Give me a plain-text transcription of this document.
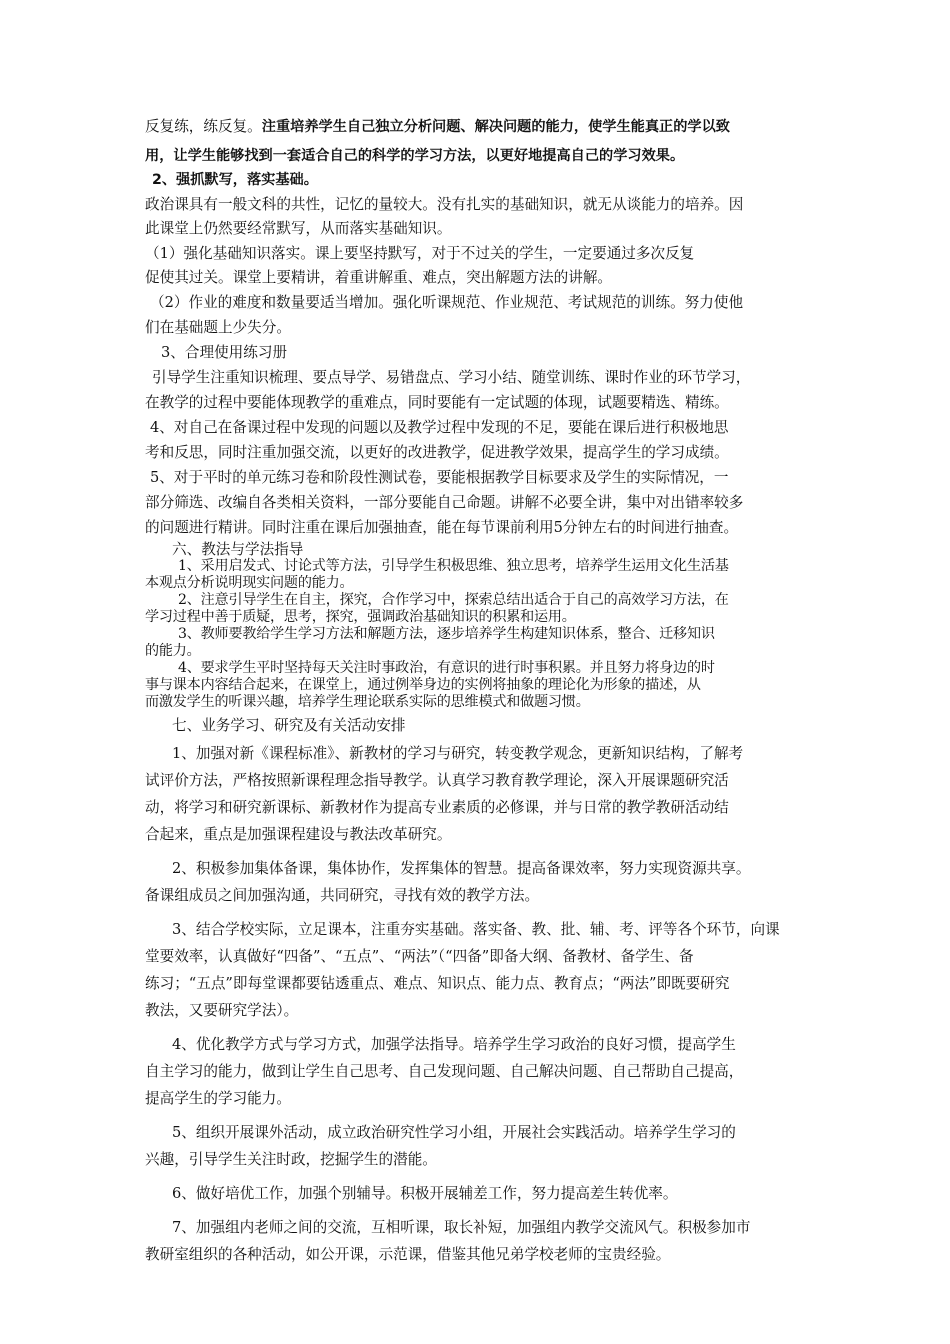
反复练，练反复。注重培养学生自己独立分析问题、解决问题的能力，使学生能真正的学以致
用，让学生能够找到一套适合自己的科学的学习方法，以更好地提高自己的学习效果。
2、强抓默写，落实基础。
政治课具有一般文科的共性，记忆的量较大。没有扎实的基础知识，就无从谈能力的培养。因
此课堂上仍然要经常默写，从而落实基础知识。
（1）强化基础知识落实。课上要坚持默写，对于不过关的学生，一定要通过多次反复
促使其过关。课堂上要精讲，着重讲解重、难点，突出解题方法的讲解。
（2）作业的难度和数量要适当增加。强化听课规范、作业规范、考试规范的训练。努力使他
们在基础题上少失分。
3、合理使用练习册
引导学生注重知识梳理、要点导学、易错盘点、学习小结、随堂训练、课时作业的环节学习，
在教学的过程中要能体现教学的重难点，同时要能有一定试题的体现，试题要精选、精练。
4、对自己在备课过程中发现的问题以及教学过程中发现的不足，要能在课后进行积极地思
考和反思，同时注重加强交流，以更好的改进教学，促进教学效果，提高学生的学习成绩。
5、对于平时的单元练习卷和阶段性测试卷，要能根据教学目标要求及学生的实际情况，一
部分筛选、改编自各类相关资料，一部分要能自己命题。讲解不必要全讲，集中对出错率较多
的问题进行精讲。同时注重在课后加强抽查，能在每节课前利用5分钟左右的时间进行抽查。
六、教法与学法指导
1、采用启发式、讨论式等方法，引导学生积极思维、独立思考，培养学生运用文化生活基
本观点分析说明现实问题的能力。
2、注意引导学生在自主，探究，合作学习中，探索总结出适合于自己的高效学习方法，在
学习过程中善于质疑，思考，探究，强调政治基础知识的积累和运用。
3、教师要教给学生学习方法和解题方法，逐步培养学生构建知识体系，整合、迁移知识
的能力。
4、要求学生平时坚持每天关注时事政治，有意识的进行时事积累。并且努力将身边的时
事与课本内容结合起来，在课堂上，通过例举身边的实例将抽象的理论化为形象的描述，从
而激发学生的听课兴趣，培养学生理论联系实际的思维模式和做题习惯。
七、业务学习、研究及有关活动安排
1、加强对新《课程标准》、新教材的学习与研究，转变教学观念，更新知识结构，了解考
试评价方法，严格按照新课程理念指导教学。认真学习教育教学理论，深入开展课题研究活
动，将学习和研究新课标、新教材作为提高专业素质的必修课，并与日常的教学教研活动结
合起来，重点是加强课程建设与教法改革研究。
2、积极参加集体备课，集体协作，发挥集体的智慧。提高备课效率，努力实现资源共享。
备课组成员之间加强沟通，共同研究，寻找有效的教学方法。
3、结合学校实际，立足课本，注重夯实基础。落实备、教、批、辅、考、评等各个环节，向课
堂要效率，认真做好“四备”、“五点”、“两法”（“四备”即备大纲、备教材、备学生、备
练习；“五点”即每堂课都要钻透重点、难点、知识点、能力点、教育点；“两法”即既要研究
教法，又要研究学法）。
4、优化教学方式与学习方式，加强学法指导。培养学生学习政治的良好习惯，提高学生
自主学习的能力，做到让学生自己思考、自己发现问题、自己解决问题、自己帮助自己提高，
提高学生的学习能力。
5、组织开展课外活动，成立政治研究性学习小组，开展社会实践活动。培养学生学习的
兴趣，引导学生关注时政，挖掘学生的潜能。
6、做好培优工作，加强个别辅导。积极开展辅差工作，努力提高差生转优率。
7、加强组内老师之间的交流，互相听课，取长补短，加强组内教学交流风气。积极参加市
教研室组织的各种活动，如公开课，示范课，借鉴其他兄弟学校老师的宝贵经验。
